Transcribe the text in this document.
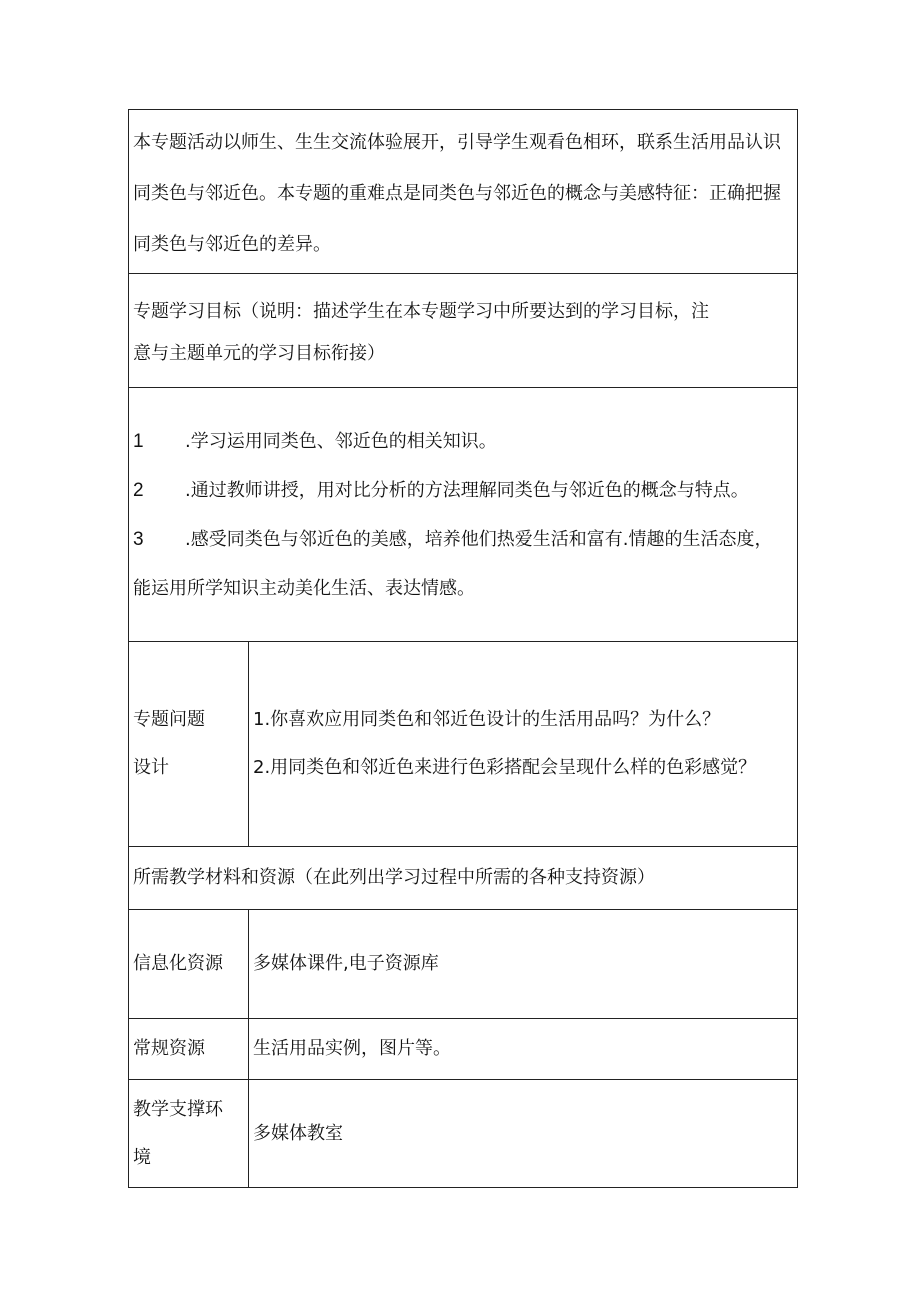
本专题活动以师生、生生交流体验展开，引导学生观看色相环，联系生活用品认识同类色与邻近色。本专题的重难点是同类色与邻近色的概念与美感特征：正确把握同类色与邻近色的差异。	

专题学习目标（说明：描述学生在本专题学习中所要达到的学习目标，注意与主题单元的学习目标衔接）	

1 .学习运用同类色、邻近色的相关知识。
2 .通过教师讲授，用对比分析的方法理解同类色与邻近色的概念与特点。
3 .感受同类色与邻近色的美感，培养他们热爱生活和富有.情趣的生活态度，能运用所学知识主动美化生活、表达情感。	

专题问题设计	1.你喜欢应用同类色和邻近色设计的生活用品吗？为什么？
2.用同类色和邻近色来进行色彩搭配会呈现什么样的色彩感觉？

所需教学材料和资源（在此列出学习过程中所需的各种支持资源）	
信息化资源	多媒体课件,电子资源库
常规资源	生活用品实例，图片等。
教学支撑环境	多媒体教室
